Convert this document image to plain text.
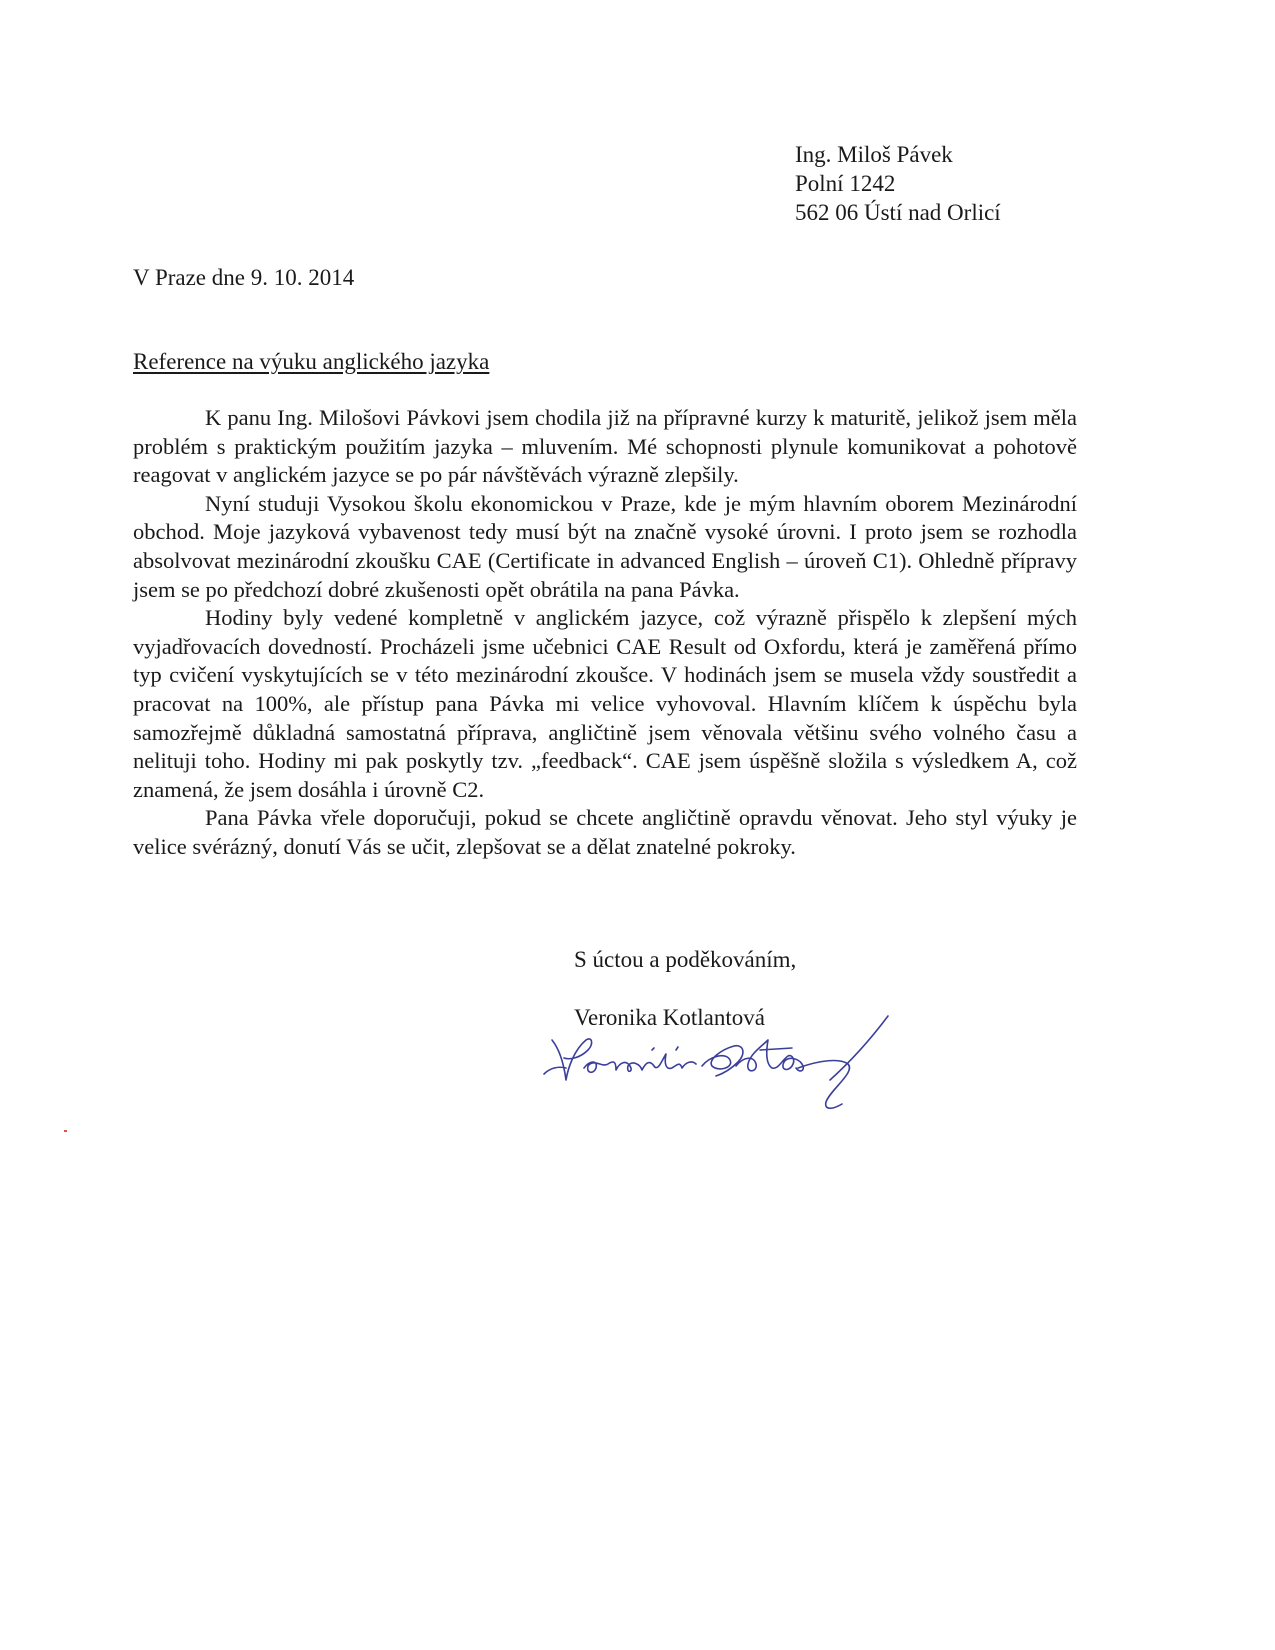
Ing. Miloš Pávek
Polní 1242
562 06 Ústí nad Orlicí
V Praze dne 9. 10. 2014
Reference na výuku anglického jazyka

K panu Ing. Milošovi Pávkovi jsem chodila již na přípravné kurzy k maturitě, jelikož jsem měla problém s praktickým použitím jazyka – mluvením. Mé schopnosti plynule komunikovat a pohotově reagovat v anglickém jazyce se po pár návštěvách výrazně zlepšily.

Nyní studuji Vysokou školu ekonomickou v Praze, kde je mým hlavním oborem Mezinárodní obchod. Moje jazyková vybavenost tedy musí být na značně vysoké úrovni. I proto jsem se rozhodla absolvovat mezinárodní zkoušku CAE (Certificate in advanced English – úroveň C1). Ohledně přípravy jsem se po předchozí dobré zkušenosti opět obrátila na pana Pávka.

Hodiny byly vedené kompletně v anglickém jazyce, což výrazně přispělo k zlepšení mých vyjadřovacích dovedností. Procházeli jsme učebnici CAE Result od Oxfordu, která je zaměřená přímo typ cvičení vyskytujících se v této mezinárodní zkoušce. V hodinách jsem se musela vždy soustředit a pracovat na 100%, ale přístup pana Pávka mi velice vyhovoval. Hlavním klíčem k úspěchu byla samozřejmě důkladná samostatná příprava, angličtině jsem věnovala většinu svého volného času a nelituji toho. Hodiny mi pak poskytly tzv. „feedback“. CAE jsem úspěšně složila s výsledkem A, což znamená, že jsem dosáhla i úrovně C2.

Pana Pávka vřele doporučuji, pokud se chcete angličtině opravdu věnovat. Jeho styl výuky je velice svérázný, donutí Vás se učit, zlepšovat se a dělat znatelné pokroky.

S úctou a poděkováním,
Veronika Kotlantová
